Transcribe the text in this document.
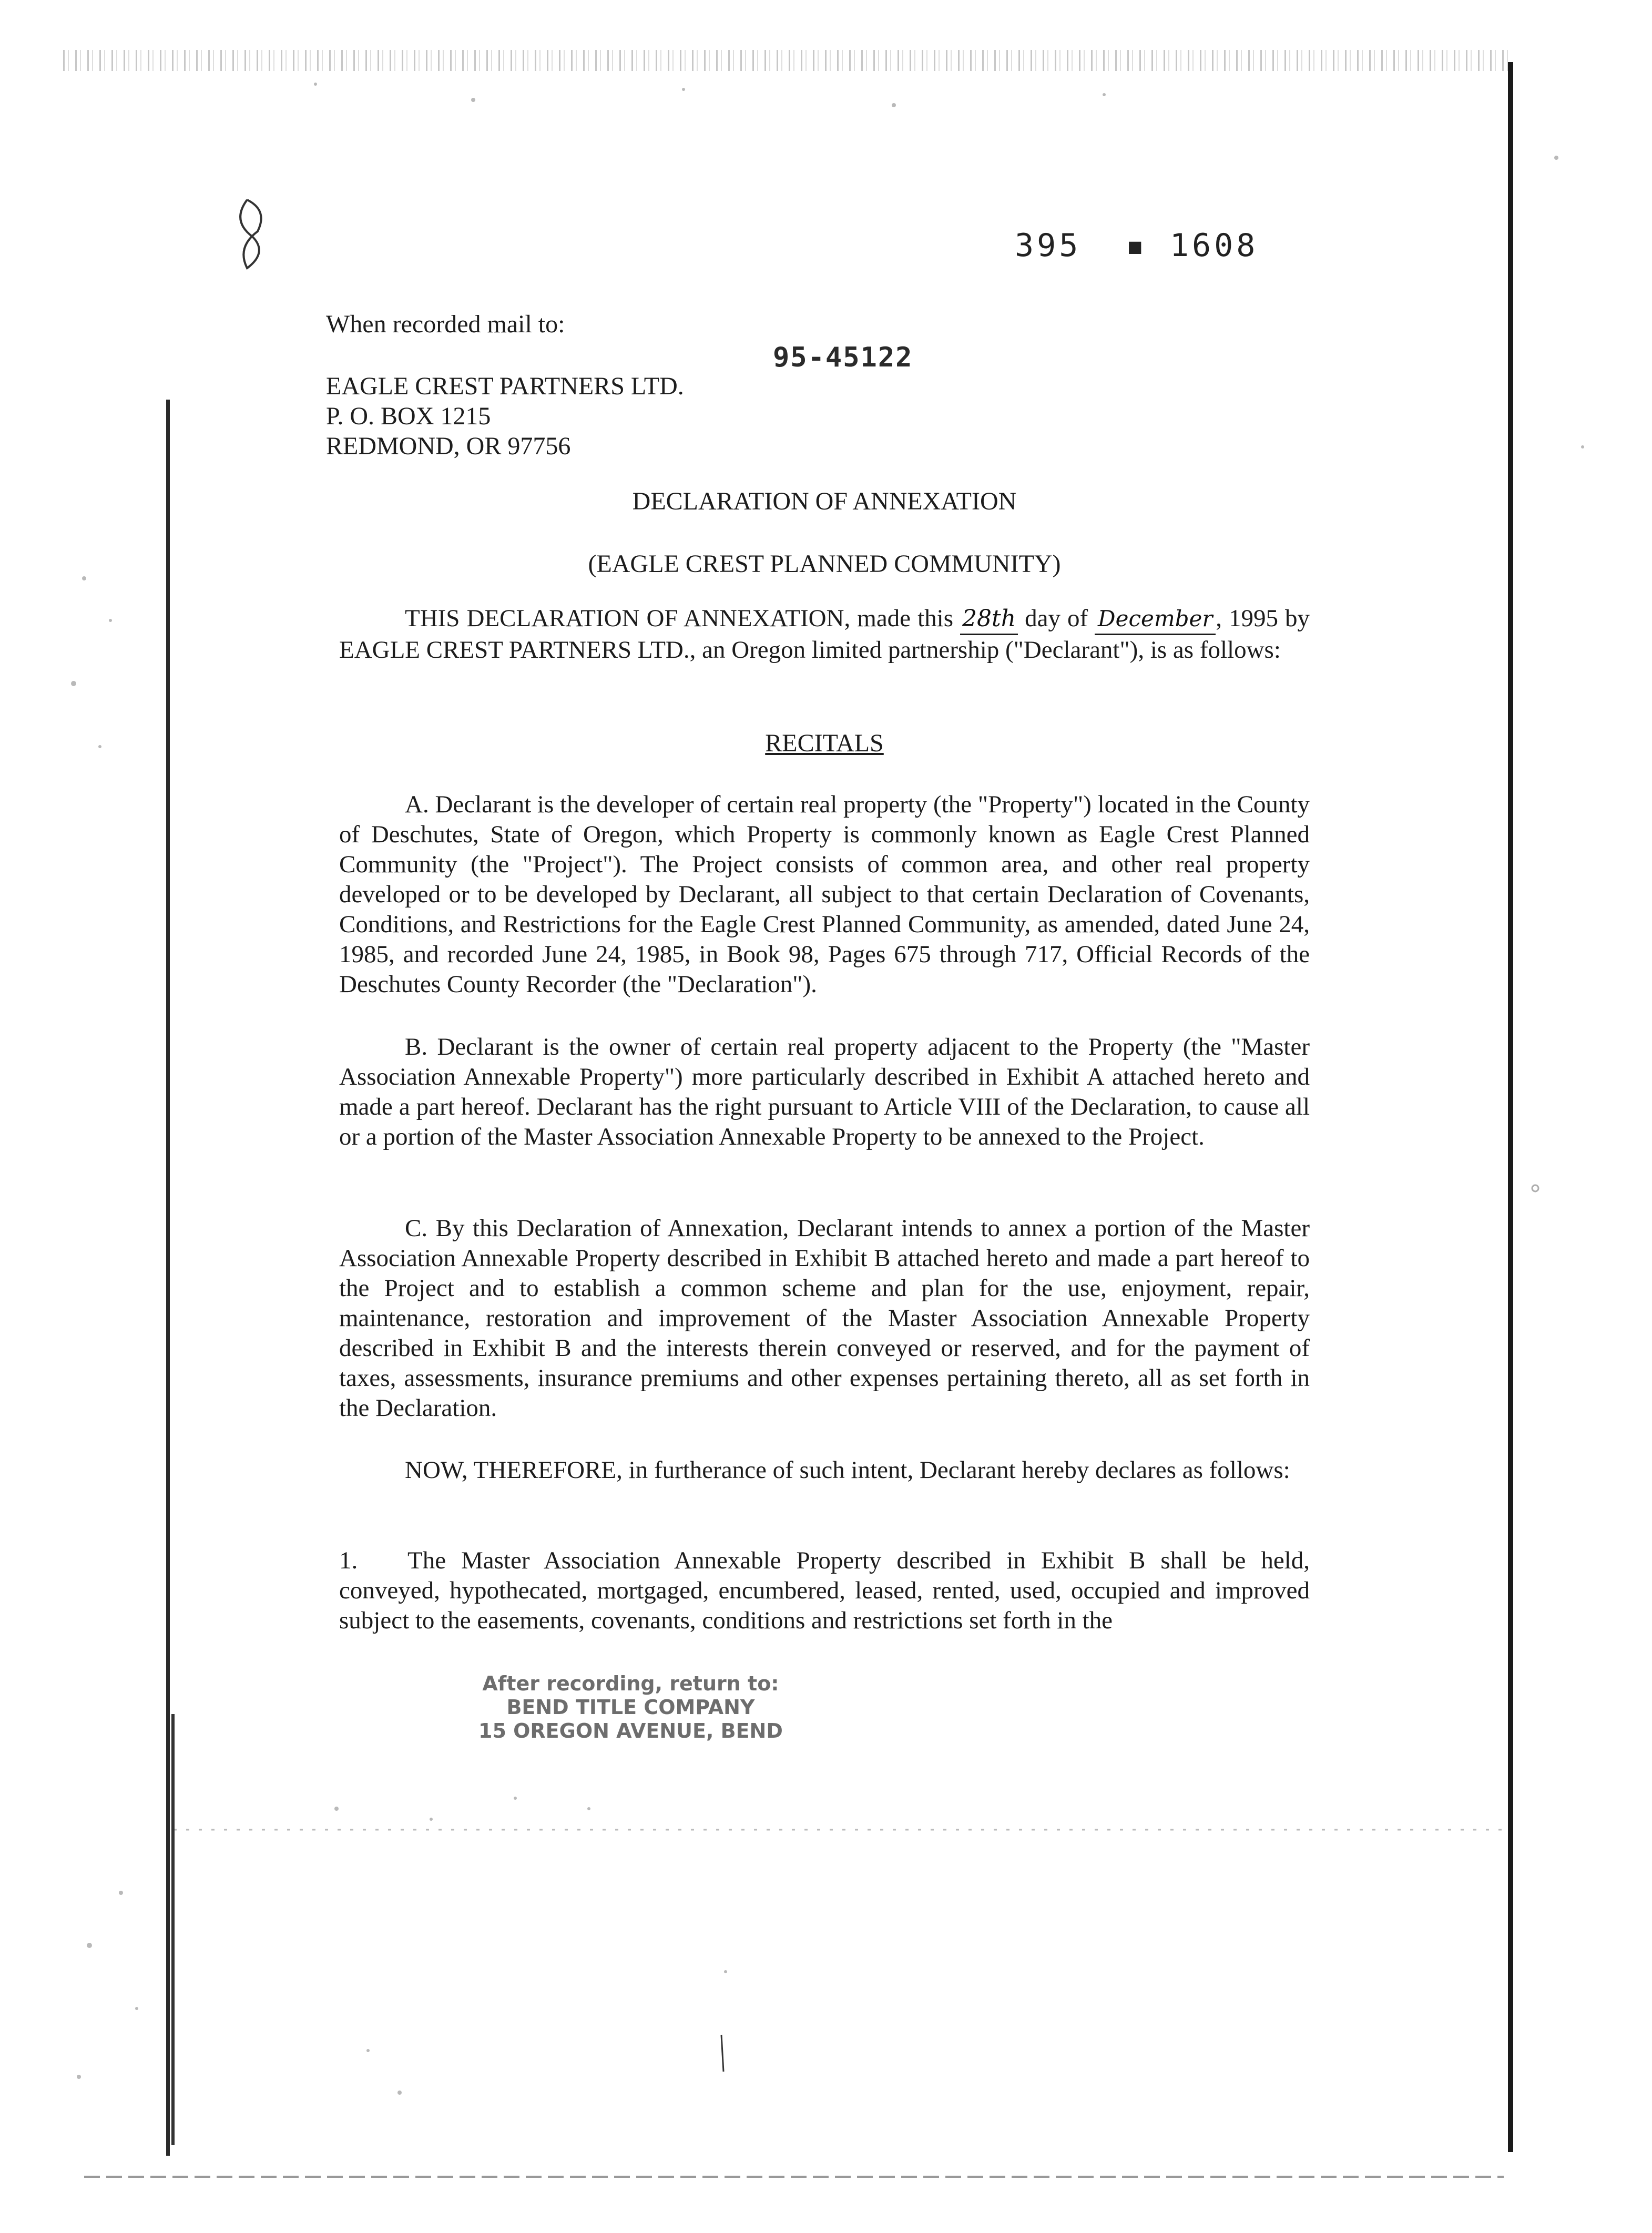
395  ▪ 1608
95-45122
When recorded mail to:
EAGLE CREST PARTNERS LTD.
P. O. BOX 1215
REDMOND, OR 97756
DECLARATION OF ANNEXATION
(EAGLE CREST PLANNED COMMUNITY)

THIS DECLARATION OF ANNEXATION, made this 28th day of December , 1995 by EAGLE CREST PARTNERS LTD., an Oregon limited partnership ("Declarant"), is as follows:

RECITALS

A. Declarant is the developer of certain real property (the "Property") located in the County of Deschutes, State of Oregon, which Property is commonly known as Eagle Crest Planned Community (the "Project"). The Project consists of common area, and other real property developed or to be developed by Declarant, all subject to that certain Declaration of Covenants, Conditions, and Restrictions for the Eagle Crest Planned Community, as amended, dated June 24, 1985, and recorded June 24, 1985, in Book 98, Pages 675 through 717, Official Records of the Deschutes County Recorder (the "Declaration").

B. Declarant is the owner of certain real property adjacent to the Property (the "Master Association Annexable Property") more particularly described in Exhibit A attached hereto and made a part hereof. Declarant has the right pursuant to Article VIII of the Declaration, to cause all or a portion of the Master Association Annexable Property to be annexed to the Project.

C. By this Declaration of Annexation, Declarant intends to annex a portion of the Master Association Annexable Property described in Exhibit B attached hereto and made a part hereof to the Project and to establish a common scheme and plan for the use, enjoyment, repair, maintenance, restoration and improvement of the Master Association Annexable Property described in Exhibit B and the interests therein conveyed or reserved, and for the payment of taxes, assessments, insurance premiums and other expenses pertaining thereto, all as set forth in the Declaration.

NOW, THEREFORE, in furtherance of such intent, Declarant hereby declares as follows:

1. The Master Association Annexable Property described in Exhibit B shall be held, conveyed, hypothecated, mortgaged, encumbered, leased, rented, used, occupied and improved subject to the easements, covenants, conditions and restrictions set forth in the

After recording, return to:
BEND TITLE COMPANY
15 OREGON AVENUE, BEND
